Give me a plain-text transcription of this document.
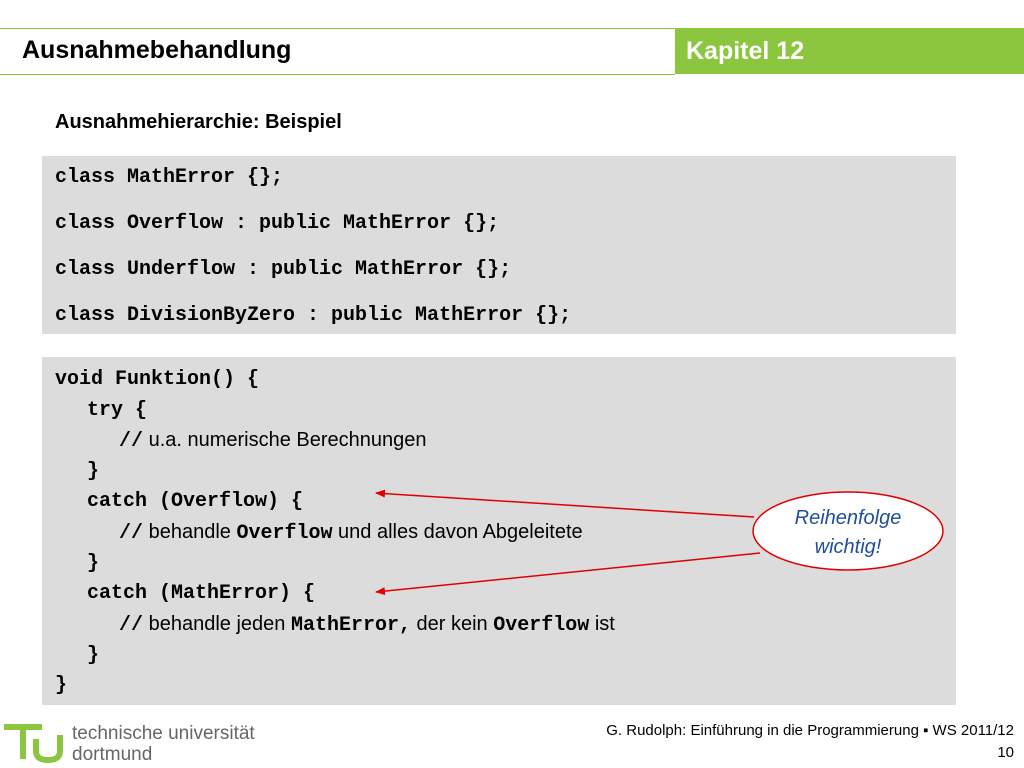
Ausnahmebehandlung	Kapitel 12
Ausnahmehierarchie: Beispiel
class MathError {};
class Overflow : public MathError {};
class Underflow : public MathError {};
class DivisionByZero : public MathError {};
void Funktion() {
try {
// u.a. numerische Berechnungen
}
catch (Overflow) {
// behandle Overflow und alles davon Abgeleitete
}
catch (MathError) {
// behandle jeden MathError, der kein Overflow ist
}
}
Reihenfolge
wichtig!
technische universität
dortmund
G. Rudolph: Einführung in die Programmierung ▪ WS 2011/12
10
